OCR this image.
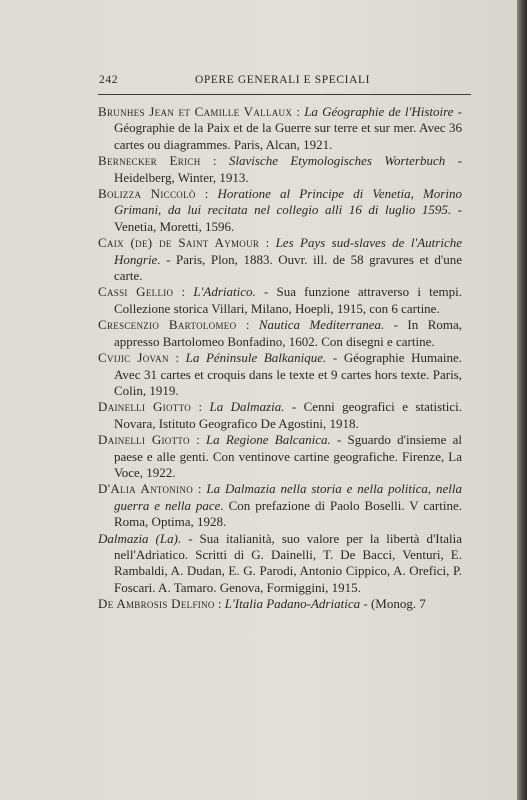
242	OPERE GENERALI E SPECIALI
Brunhes Jean et Camille Vallaux : La Géographie de l'Histoire - Géographie de la Paix et de la Guerre sur terre et sur mer. Avec 36 cartes ou diagrammes. Paris, Alcan, 1921.
Bernecker Erich : Slavische Etymologisches Worterbuch - Heidelberg, Winter, 1913.
Bolizza Niccolò : Horatione al Principe di Venetia, Morino Grimani, da lui recitata nel collegio alli 16 di luglio 1595. - Venetia, Moretti, 1596.
Caix (de) de Saint Aymour : Les Pays sud-slaves de l'Autriche Hongrie. - Paris, Plon, 1883. Ouvr. ill. de 58 gravures et d'une carte.
Cassi Gellio : L'Adriatico. - Sua funzione attraverso i tempi. Collezione storica Villari, Milano, Hoepli, 1915, con 6 cartine.
Crescenzio Bartolomeo : Nautica Mediterranea. - In Roma, appresso Bartolomeo Bonfadino, 1602. Con disegni e cartine.
Cvijic Jovan : La Péninsule Balkanique. - Géographie Humaine. Avec 31 cartes et croquis dans le texte et 9 cartes hors texte. Paris, Colin, 1919.
Dainelli Giotto : La Dalmazia. - Cenni geografici e statistici. Novara, Istituto Geografico De Agostini, 1918.
Dainelli Giotto : La Regione Balcanica. - Sguardo d'insieme al paese e alle genti. Con ventinove cartine geografiche. Firenze, La Voce, 1922.
D'Alia Antonino : La Dalmazia nella storia e nella politica, nella guerra e nella pace. Con prefazione di Paolo Boselli. V cartine. Roma, Optima, 1928.
Dalmazia (La). - Sua italianità, suo valore per la libertà d'Italia nell'Adriatico. Scritti di G. Dainelli, T. De Bacci, Venturi, E. Rambaldi, A. Dudan, E. G. Parodi, Antonio Cippico, A. Orefici, P. Foscari. A. Tamaro. Genova, Formiggini, 1915.
De Ambrosis Delfino : L'Italia Padano-Adriatica - (Monog. 7
